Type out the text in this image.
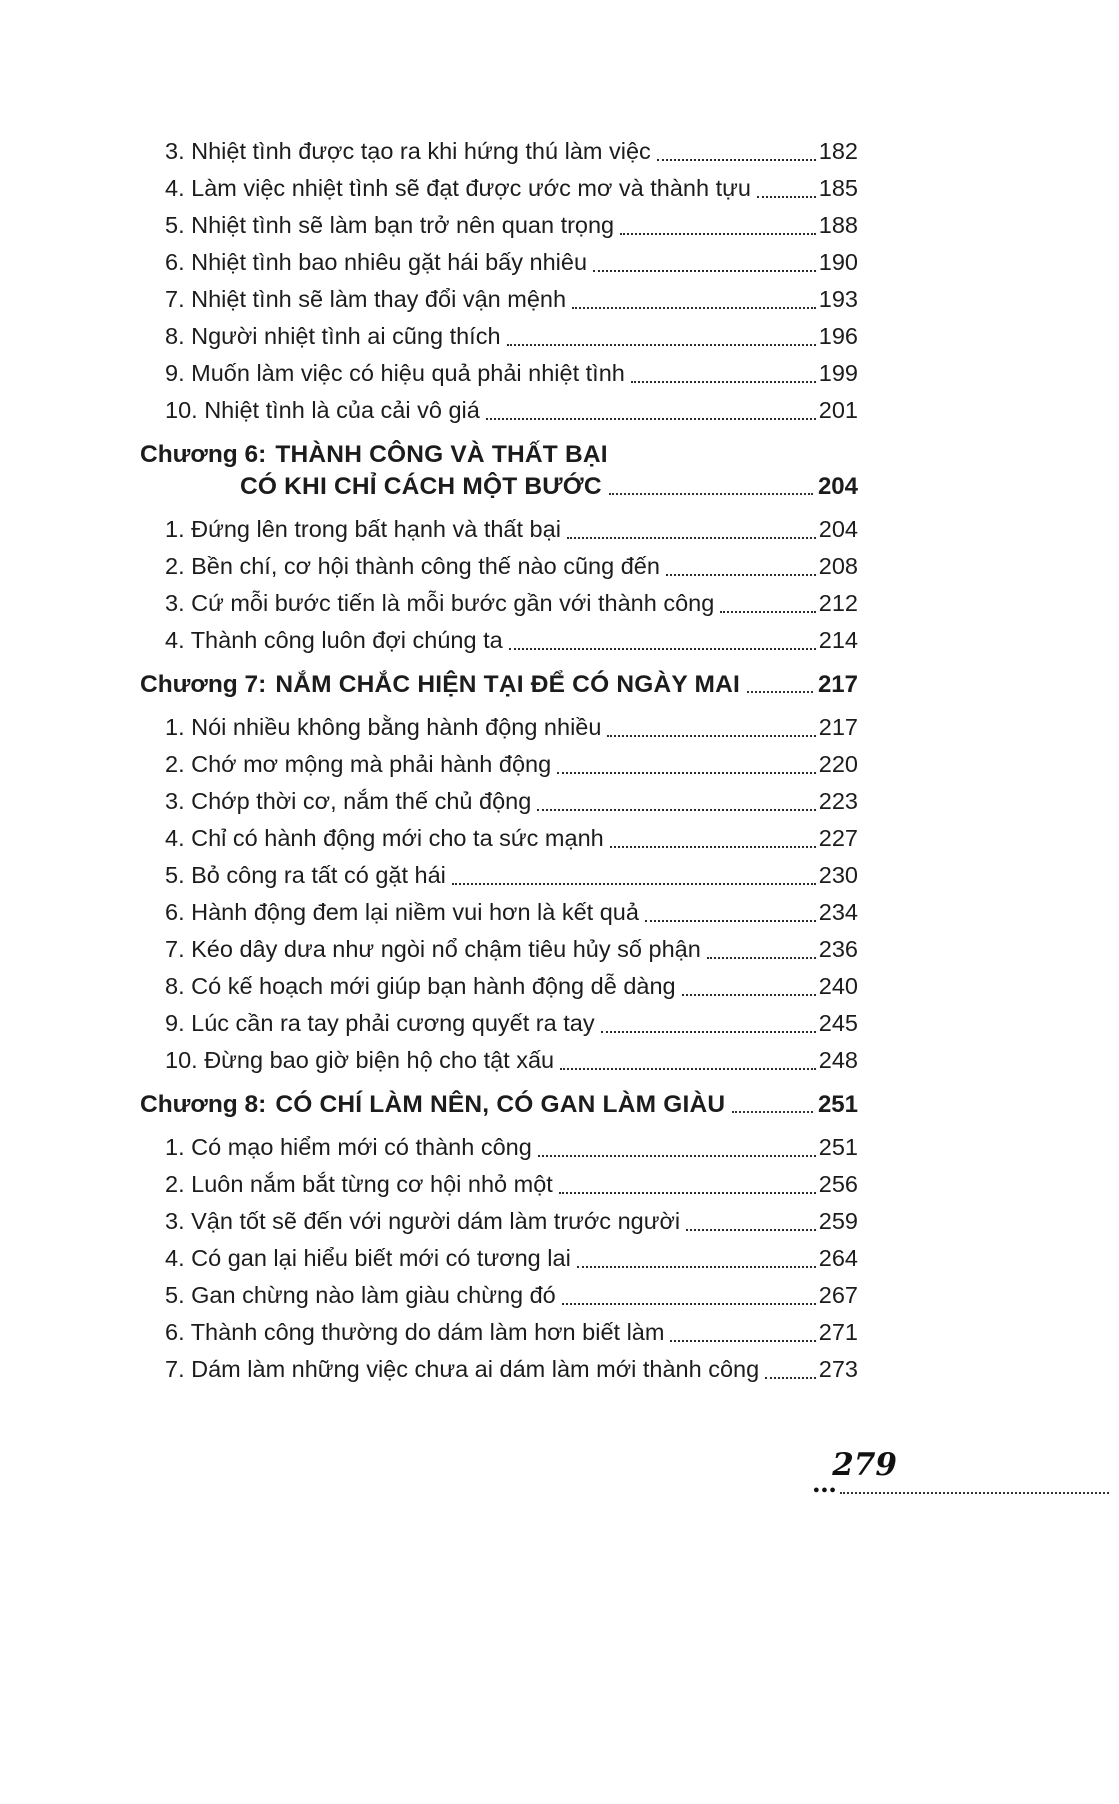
3. Nhiệt tình được tạo ra khi hứng thú làm việc	182
4. Làm việc nhiệt tình sẽ đạt được ước mơ và thành tựu	185
5. Nhiệt tình sẽ làm bạn trở nên quan trọng	188
6. Nhiệt tình bao nhiêu gặt hái bấy nhiêu	190
7. Nhiệt tình sẽ làm thay đổi vận mệnh	193
8. Người nhiệt tình ai cũng thích	196
9. Muốn làm việc có hiệu quả phải nhiệt tình	199
10. Nhiệt tình là của cải vô giá	201
Chương 6: THÀNH CÔNG VÀ THẤT BẠI
CÓ KHI CHỈ CÁCH MỘT BƯỚC	204
1. Đứng lên trong bất hạnh và thất bại	204
2. Bền chí, cơ hội thành công thế nào cũng đến	208
3. Cứ mỗi bước tiến là mỗi bước gần với thành công	212
4. Thành công luôn đợi chúng ta	214
Chương 7: NẮM CHẮC HIỆN TẠI ĐỂ CÓ NGÀY MAI	217
1. Nói nhiều không bằng hành động nhiều	217
2. Chớ mơ mộng mà phải hành động	220
3. Chớp thời cơ, nắm thế chủ động	223
4. Chỉ có hành động mới cho ta sức mạnh	227
5. Bỏ công ra tất có gặt hái	230
6. Hành động đem lại niềm vui hơn là kết quả	234
7. Kéo dây dưa như ngòi nổ chậm tiêu hủy số phận	236
8. Có kế hoạch mới giúp bạn hành động dễ dàng	240
9. Lúc cần ra tay phải cương quyết ra tay	245
10. Đừng bao giờ biện hộ cho tật xấu	248
Chương 8: CÓ CHÍ LÀM NÊN, CÓ GAN LÀM GIÀU	251
1. Có mạo hiểm mới có thành công	251
2. Luôn nắm bắt từng cơ hội nhỏ một	256
3. Vận tốt sẽ đến với người dám làm trước người	259
4. Có gan lại hiểu biết mới có tương lai	264
5. Gan chừng nào làm giàu chừng đó	267
6. Thành công thường do dám làm hơn biết làm	271
7. Dám làm những việc chưa ai dám làm mới thành công	273
279
●●●
